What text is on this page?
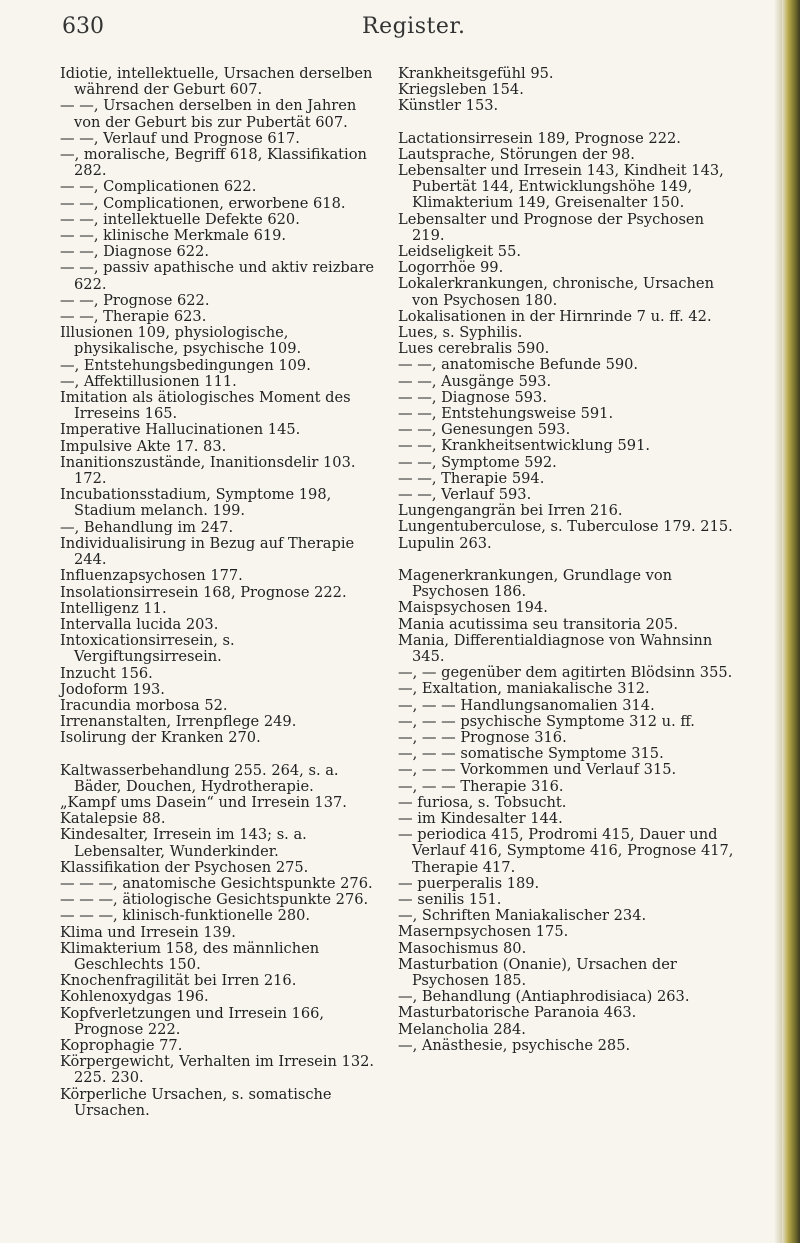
630	Register.

Idiotie, intellektuelle, Ursachen derselben während der Geburt 607.

— —, Ursachen derselben in den Jahren von der Geburt bis zur Pubertät 607.

— —, Verlauf und Prognose 617.

—, moralische, Begriff 618, Klassifikation 282.

— —, Complicationen 622.

— —, Complicationen, erworbene 618.

— —, intellektuelle Defekte 620.

— —, klinische Merkmale 619.

— —, Diagnose 622.

— —, passiv apathische und aktiv reizbare 622.

— —, Prognose 622.

— —, Therapie 623.

Illusionen 109, physiologische, physikalische, psychische 109.

—, Entstehungsbedingungen 109.

—, Affektillusionen 111.

Imitation als ätiologisches Moment des Irreseins 165.

Imperative Hallucinationen 145.

Impulsive Akte 17. 83.

Inanitionszustände, Inanitionsdelir 103. 172.

Incubationsstadium, Symptome 198, Stadium melanch. 199.

—, Behandlung im 247.

Individualisirung in Bezug auf Therapie 244.

Influenzapsychosen 177.

Insolationsirresein 168, Prognose 222.

Intelligenz 11.

Intervalla lucida 203.

Intoxicationsirresein, s. Vergiftungsirresein.

Inzucht 156.

Jodoform 193.

Iracundia morbosa 52.

Irrenanstalten, Irrenpflege 249.

Isolirung der Kranken 270.

Kaltwasserbehandlung 255. 264, s. a. Bäder, Douchen, Hydrotherapie.

„Kampf ums Dasein“ und Irresein 137.

Katalepsie 88.

Kindesalter, Irresein im 143; s. a. Lebensalter, Wunderkinder.

Klassifikation der Psychosen 275.

— — —, anatomische Gesichtspunkte 276.

— — —, ätiologische Gesichtspunkte 276.

— — —, klinisch-funktionelle 280.

Klima und Irresein 139.

Klimakterium 158, des männlichen Geschlechts 150.

Knochenfragilität bei Irren 216.

Kohlenoxydgas 196.

Kopfverletzungen und Irresein 166, Prognose 222.

Koprophagie 77.

Körpergewicht, Verhalten im Irresein 132. 225. 230.

Körperliche Ursachen, s. somatische Ursachen.

Krankheitsgefühl 95.

Kriegsleben 154.

Künstler 153.

Lactationsirresein 189, Prognose 222.

Lautsprache, Störungen der 98.

Lebensalter und Irresein 143, Kindheit 143, Pubertät 144, Entwicklungshöhe 149, Klimakterium 149, Greisenalter 150.

Lebensalter und Prognose der Psychosen 219.

Leidseligkeit 55.

Logorrhöe 99.

Lokalerkrankungen, chronische, Ursachen von Psychosen 180.

Lokalisationen in der Hirnrinde 7 u. ff. 42.

Lues, s. Syphilis.

Lues cerebralis 590.

— —, anatomische Befunde 590.

— —, Ausgänge 593.

— —, Diagnose 593.

— —, Entstehungsweise 591.

— —, Genesungen 593.

— —, Krankheitsentwicklung 591.

— —, Symptome 592.

— —, Therapie 594.

— —, Verlauf 593.

Lungengangrän bei Irren 216.

Lungentuberculose, s. Tuberculose 179. 215.

Lupulin 263.

Magenerkrankungen, Grundlage von Psychosen 186.

Maispsychosen 194.

Mania acutissima seu transitoria 205.

Mania, Differentialdiagnose von Wahnsinn 345.

—, — gegenüber dem agitirten Blödsinn 355.

—, Exaltation, maniakalische 312.

—, — — Handlungsanomalien 314.

—, — — psychische Symptome 312 u. ff.

—, — — Prognose 316.

—, — — somatische Symptome 315.

—, — — Vorkommen und Verlauf 315.

—, — — Therapie 316.

— furiosa, s. Tobsucht.

— im Kindesalter 144.

— periodica 415, Prodromi 415, Dauer und Verlauf 416, Symptome 416, Prognose 417, Therapie 417.

— puerperalis 189.

— senilis 151.

—, Schriften Maniakalischer 234.

Masernpsychosen 175.

Masochismus 80.

Masturbation (Onanie), Ursachen der Psychosen 185.

—, Behandlung (Antiaphrodisiaca) 263.

Masturbatorische Paranoia 463.

Melancholia 284.

—, Anästhesie, psychische 285.
